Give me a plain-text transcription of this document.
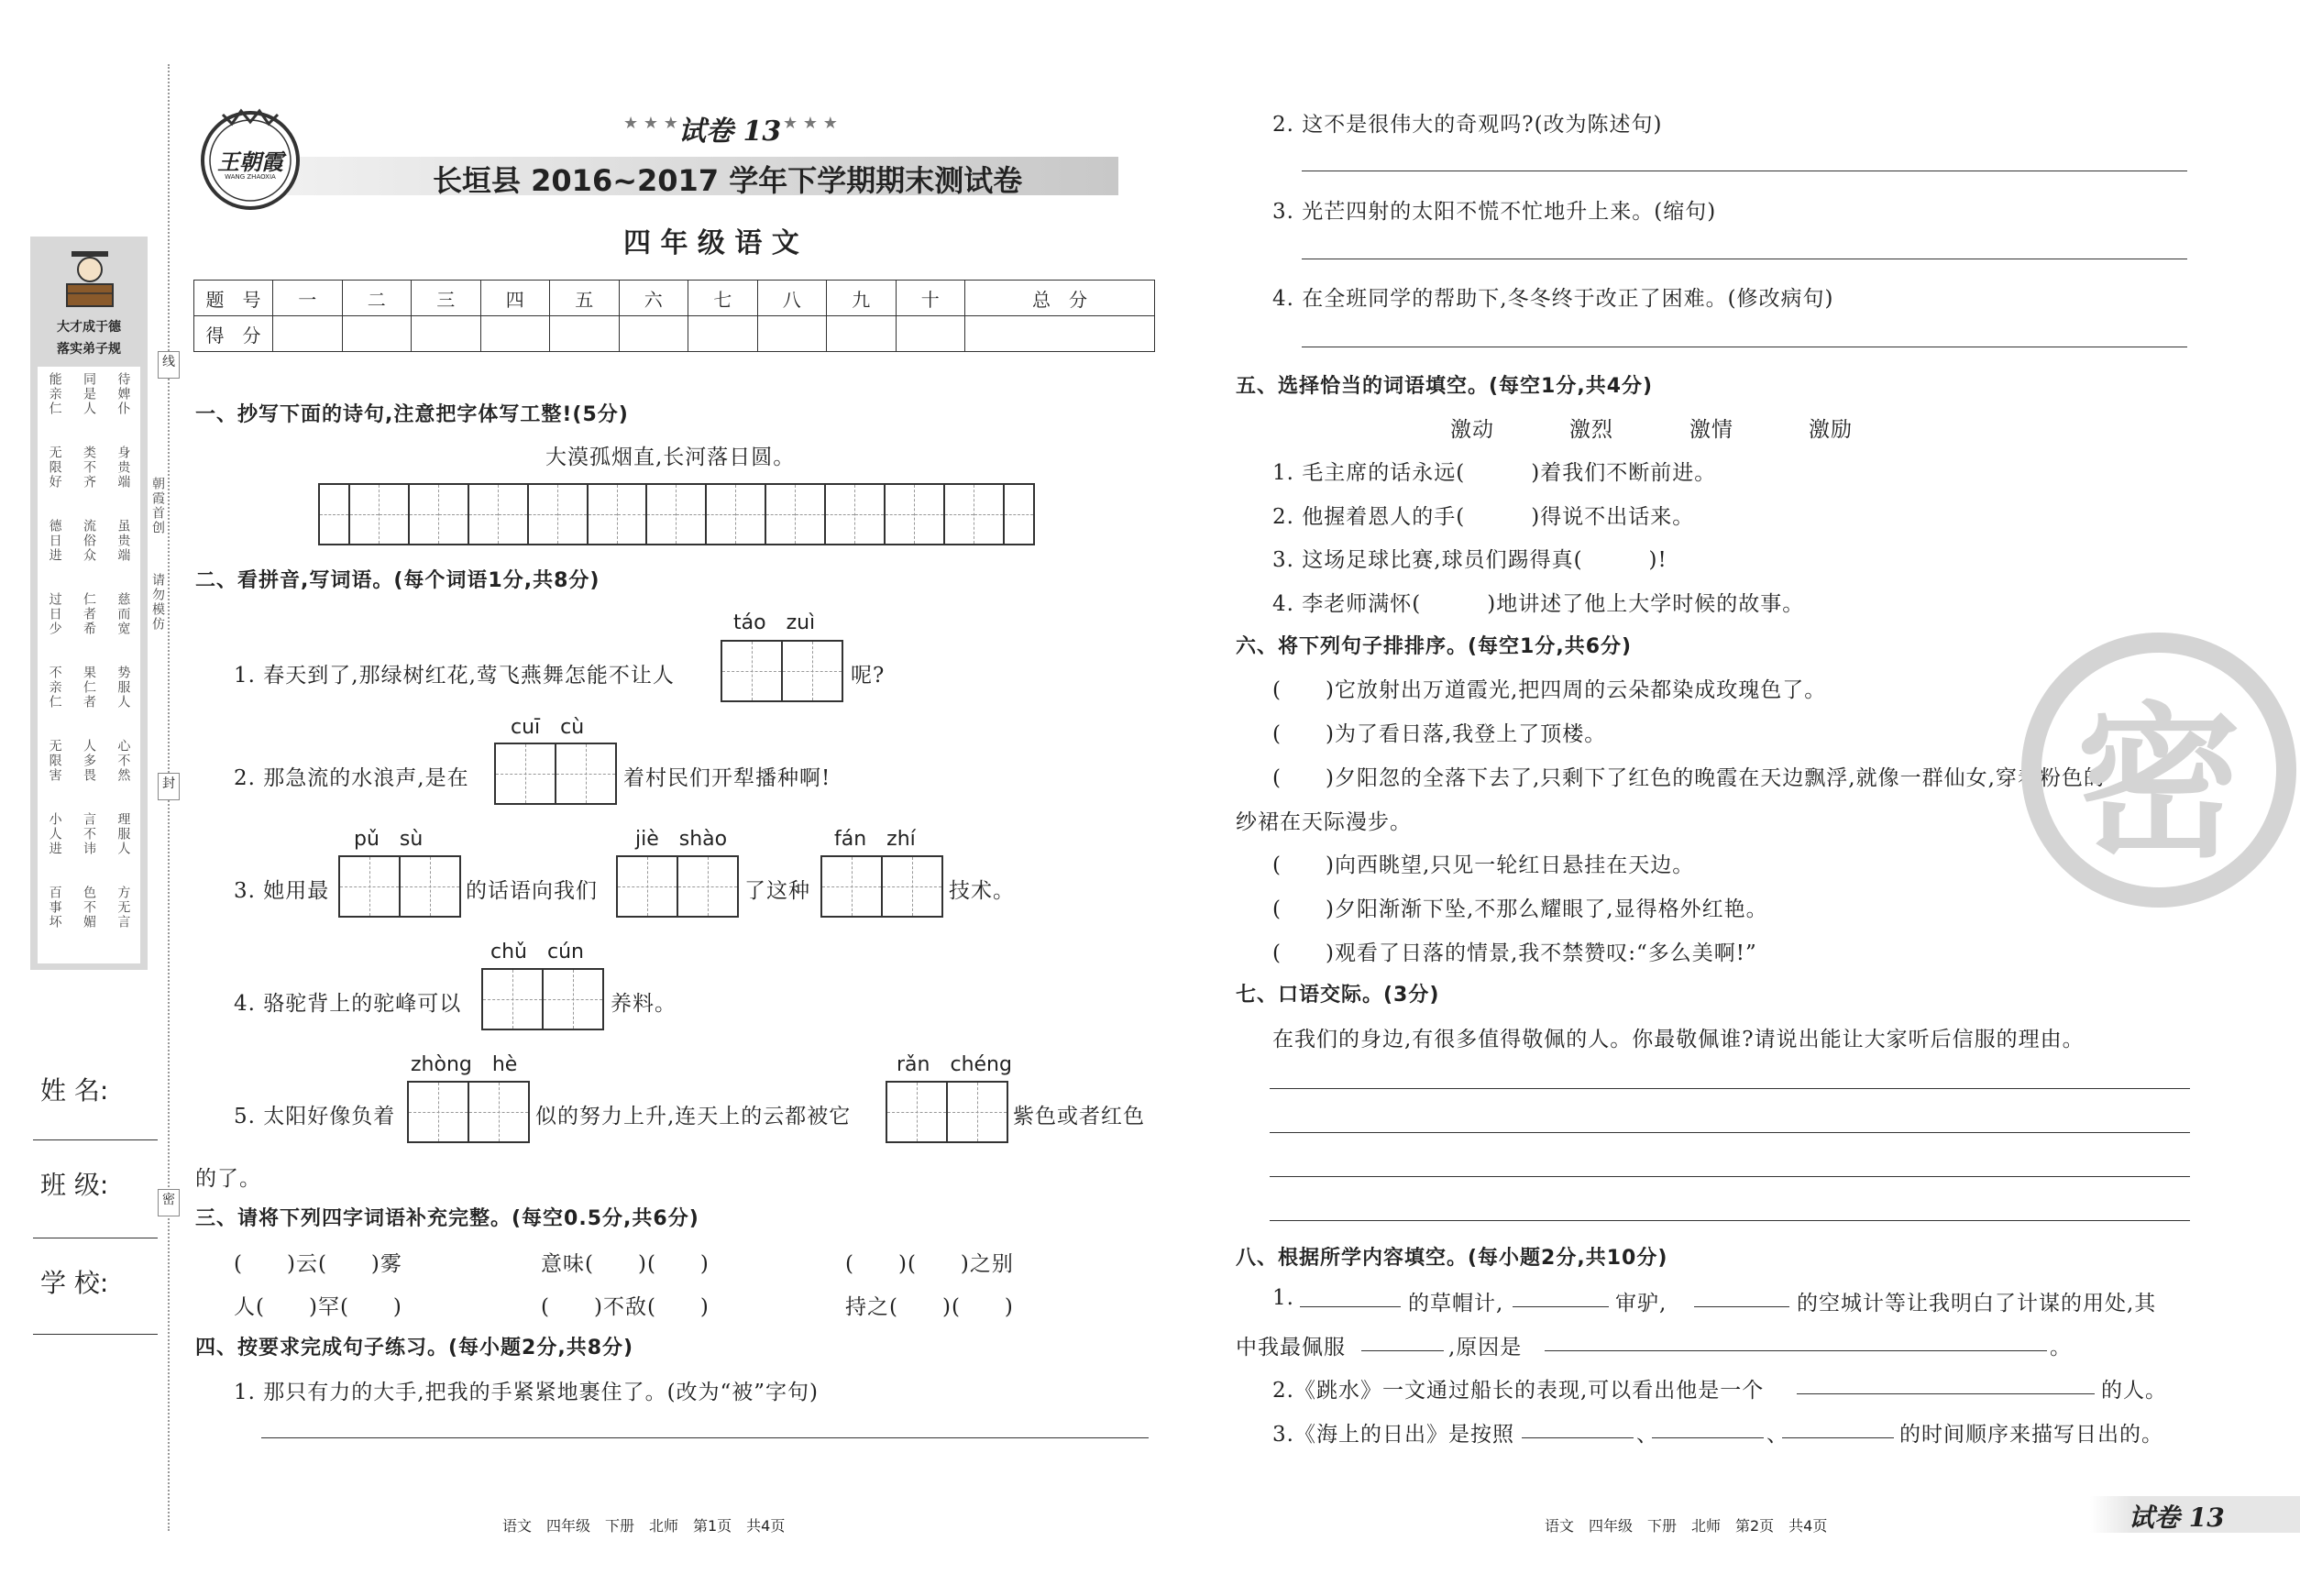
大才成于德
落实弟子规
能亲仁 同是人 待婢仆
无限好 类不齐 身贵端
德日进 流俗众 虽贵端
过日少 仁者希 慈而宽
不亲仁 果仁者 势服人
无限害 人多畏 心不然
小人进 言不讳 理服人
百事坏 色不媚 方无言
朝霞首创
请勿模仿
线
封
密
姓 名:
班 级:
学 校:
王朝霞
WANG ZHAOXIA
★ ★ ★ 试卷 13 ★ ★ ★
长垣县 2016~2017 学年下学期期末测试卷
四 年 级 语 文
题　号	一	二	三	四	五	六	七	八	九	十	总　分
得　分											
一、抄写下面的诗句,注意把字体写工整!(5分)
大漠孤烟直,长河落日圆。
二、看拼音,写词语。(每个词语1分,共8分)
táo　zuì
1. 春天到了,那绿树红花,莺飞燕舞怎能不让人	呢?
cuī　cù
2. 那急流的水浪声,是在	着村民们开犁播种啊!
pǔ　sù	jiè　shào	fán　zhí
3. 她用最	的话语向我们	了这种	技术。
chǔ　cún
4. 骆驼背上的驼峰可以	养料。
zhòng　hè	rǎn　chéng
5. 太阳好像负着	似的努力上升,连天上的云都被它	紫色或者红色
的了。
三、请将下列四字词语补充完整。(每空0.5分,共6分)
(　　)云(　　)雾	意味(　　)(　　)	(　　)(　　)之别
人(　　)罕(　　)	(　　)不敌(　　)	持之(　　)(　　)
四、按要求完成句子练习。(每小题2分,共8分)
1. 那只有力的大手,把我的手紧紧地裹住了。(改为“被”字句)
语文　四年级　下册　北师　第1页　共4页
2. 这不是很伟大的奇观吗?(改为陈述句)
3. 光芒四射的太阳不慌不忙地升上来。(缩句)
4. 在全班同学的帮助下,冬冬终于改正了困难。(修改病句)
五、选择恰当的词语填空。(每空1分,共4分)
激动	激烈	激情	激励
1. 毛主席的话永远(　　　)着我们不断前进。
2. 他握着恩人的手(　　　)得说不出话来。
3. 这场足球比赛,球员们踢得真(　　　)!
4. 李老师满怀(　　　)地讲述了他上大学时候的故事。
六、将下列句子排排序。(每空1分,共6分)
(　　)它放射出万道霞光,把四周的云朵都染成玫瑰色了。
(　　)为了看日落,我登上了顶楼。
(　　)夕阳忽的全落下去了,只剩下了红色的晚霞在天边飘浮,就像一群仙女,穿着粉色的
纱裙在天际漫步。
(　　)向西眺望,只见一轮红日悬挂在天边。
(　　)夕阳渐渐下坠,不那么耀眼了,显得格外红艳。
(　　)观看了日落的情景,我不禁赞叹:“多么美啊!”
七、口语交际。(3分)
在我们的身边,有很多值得敬佩的人。你最敬佩谁?请说出能让大家听后信服的理由。
八、根据所学内容填空。(每小题2分,共10分)
1.	的草帽计,	审驴,	的空城计等让我明白了计谋的用处,其
中我最佩服	,原因是	。
2.《跳水》一文通过船长的表现,可以看出他是一个	的人。
3.《海上的日出》是按照	、	、	的时间顺序来描写日出的。
密
语文　四年级　下册　北师　第2页　共4页	试卷 13
